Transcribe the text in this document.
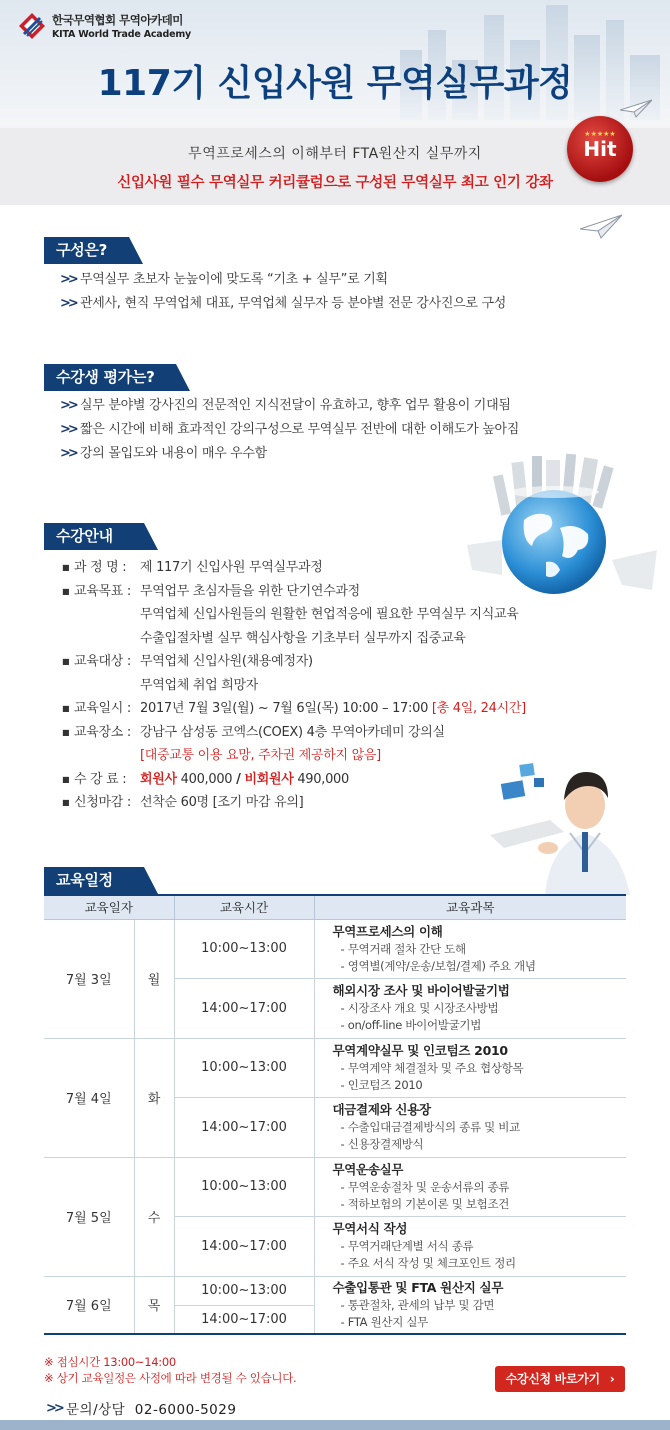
한국무역협회 무역아카데미
KITA World Trade Academy
117기 신입사원 무역실무과정
무역프로세스의 이해부터 FTA원산지 실무까지
신입사원 필수 무역실무 커리큘럼으로 구성된 무역실무 최고 인기 강좌
★★★★★
Hit
구성은?
>> 무역실무 초보자 눈높이에 맞도록 “기초 + 실무”로 기획
>> 관세사, 현직 무역업체 대표, 무역업체 실무자 등 분야별 전문 강사진으로 구성
수강생 평가는?
>> 실무 분야별 강사진의 전문적인 지식전달이 유효하고, 향후 업무 활용이 기대됨
>> 짧은 시간에 비해 효과적인 강의구성으로 무역실무 전반에 대한 이해도가 높아짐
>> 강의 몰입도와 내용이 매우 우수함
수강안내
■ 과 정 명 :	제 117기 신입사원 무역실무과정
■ 교육목표 : 무역업무 초심자들을 위한 단기연수과정
무역업체 신입사원들의 원활한 현업적응에 필요한 무역실무 지식교육
수출입절차별 실무 핵심사항을 기초부터 실무까지 집중교육
■ 교육대상 : 무역업체 신입사원(채용예정자)
무역업체 취업 희망자
■ 교육일시 : 2017년 7월 3일(월) ~ 7월 6일(목) 10:00 – 17:00 [총 4일, 24시간]
■ 교육장소 : 강남구 삼성동 코엑스(COEX) 4층 무역아카데미 강의실
[대중교통 이용 요망, 주차권 제공하지 않음]
■ 수 강 료 :	회원사 400,000 / 비회원사 490,000
■ 신청마감 : 선착순 60명 [조기 마감 유의]
교육일정
교육일자		교육시간	교육과목
7월 3일	월	10:00~13:00	무역프로세스의 이해
- 무역거래 절차 간단 도해
- 영역별(계약/운송/보험/결제) 주요 개념

		14:00~17:00	해외시장 조사 및 바이어발굴기법
- 시장조사 개요 및 시장조사방법
- on/off-line 바이어발굴기법

7월 4일	화	10:00~13:00	무역계약실무 및 인코텀즈 2010
- 무역계약 체결절차 및 주요 협상항목
- 인코텀즈 2010

		14:00~17:00	대금결제와 신용장
- 수출입대금결제방식의 종류 및 비교
- 신용장결제방식

7월 5일	수	10:00~13:00	무역운송실무
- 무역운송절차 및 운송서류의 종류
- 적하보험의 기본이론 및 보험조건

		14:00~17:00	무역서식 작성
- 무역거래단계별 서식 종류
- 주요 서식 작성 및 체크포인트 정리

7월 6일	목	10:00~13:00	수출입통관 및 FTA 원산지 실무
- 통관절차, 관세의 납부 및 감면
- FTA 원산지 실무

		14:00~17:00	
※ 점심시간 13:00~14:00
※ 상기 교육일정은 사정에 따라 변경될 수 있습니다.	수강신청 바로가기 ›
>> 문의/상담  02-6000-5029
